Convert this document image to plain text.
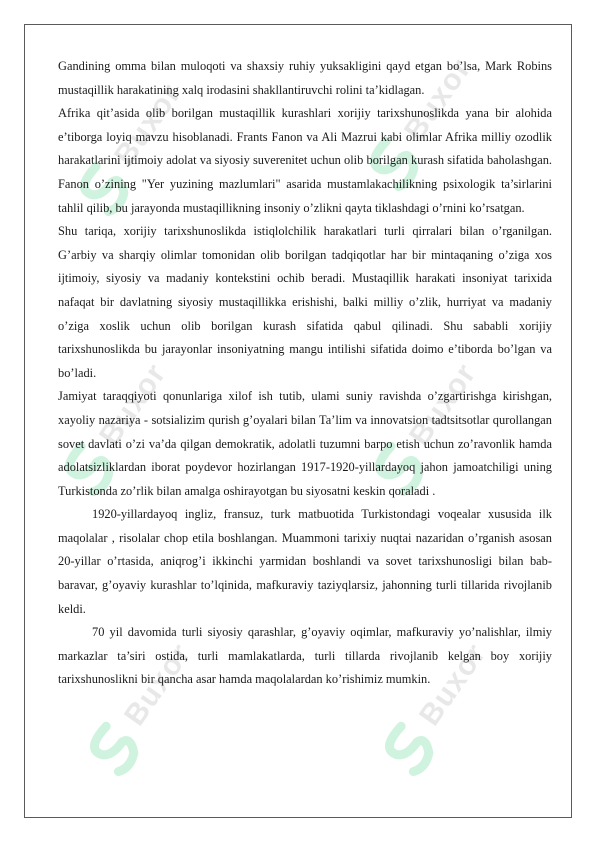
Buxor	Buxor
Buxor	Buxor
Buxor	Buxor

Gandining omma bilan muloqoti va shaxsiy ruhiy yuksakligini qayd etgan bo’lsa, Mark Robins mustaqillik harakatining xalq irodasini shakllantiruvchi rolini ta’kidlagan.

Afrika qit’asida olib borilgan mustaqillik kurashlari xorijiy tarixshunoslikda yana bir alohida e’tiborga loyiq mavzu hisoblanadi. Frants Fanon va Ali Mazrui kabi olimlar Afrika milliy ozodlik harakatlarini ijtimoiy adolat va siyosiy suverenitet uchun olib borilgan kurash sifatida baholashgan. Fanon o’zining "Yer yuzining mazlumlari" asarida mustamlakachilikning psixologik ta’sirlarini tahlil qilib, bu jarayonda mustaqillikning insoniy o’zlikni qayta tiklashdagi o’rnini ko’rsatgan.

Shu tariqa, xorijiy tarixshunoslikda istiqlolchilik harakatlari turli qirralari bilan o’rganilgan. G’arbiy va sharqiy olimlar tomonidan olib borilgan tadqiqotlar har bir mintaqaning o’ziga xos ijtimoiy, siyosiy va madaniy kontekstini ochib beradi. Mustaqillik harakati insoniyat tarixida nafaqat bir davlatning siyosiy mustaqillikka erishishi, balki milliy o’zlik, hurriyat va madaniy o’ziga xoslik uchun olib borilgan kurash sifatida qabul qilinadi. Shu sababli xorijiy tarixshunoslikda bu jarayonlar insoniyatning mangu intilishi sifatida doimo e’tiborda bo’lgan va bo’ladi.

Jamiyat taraqqiyoti qonunlariga xilof ish tutib, ulami suniy ravishda o’zgartirishga kirishgan, xayoliy nazariya - sotsializim qurish g’oyalari bilan Ta’lim va innovatsion tadtsitsotlar qurollangan sovet davlati o’zi va’da qilgan demokratik, adolatli tuzumni barpo etish uchun zo’ravonlik hamda adolatsizliklardan iborat poydevor hozirlangan 1917-1920-yillardayoq jahon jamoatchiligi uning Turkistonda zo’rlik bilan amalga oshirayotgan bu siyosatni keskin qoraladi .

1920-yillardayoq ingliz, fransuz, turk matbuotida Turkistondagi voqealar xususida ilk maqolalar , risolalar chop etila boshlangan. Muammoni tarixiy nuqtai nazaridan o’rganish asosan 20-yillar o’rtasida, aniqrog’i ikkinchi yarmidan boshlandi va sovet tarixshunosligi bilan bab-baravar, g’oyaviy kurashlar to’lqinida, mafkuraviy taziyqlarsiz, jahonning turli tillarida rivojlanib keldi.

70 yil davomida turli siyosiy qarashlar, g’oyaviy oqimlar, mafkuraviy yo’nalishlar, ilmiy markazlar ta’siri ostida, turli mamlakatlarda, turli tillarda rivojlanib kelgan boy xorijiy tarixshunoslikni bir qancha asar hamda maqolalardan ko’rishimiz mumkin.
